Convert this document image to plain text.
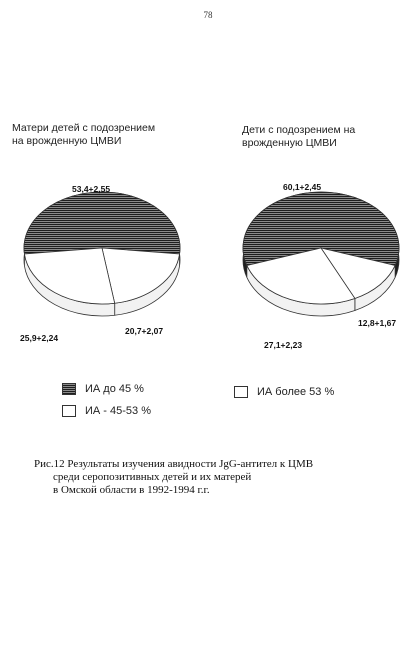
78
Матери детей с подозрением
на врожденную ЦМВИ
Дети с подозрением на
врожденную ЦМВИ
53,4+2,55
20,7+2,07
25,9+2,24
60,1+2,45
12,8+1,67
27,1+2,23
ИА до 45 %
ИА - 45-53 %
ИА более 53 %
Рис.12 Результаты изучения авидности JgG-антител к ЦМВ
среди серопозитивных детей и их матерей
в Омской области в 1992-1994 г.г.
